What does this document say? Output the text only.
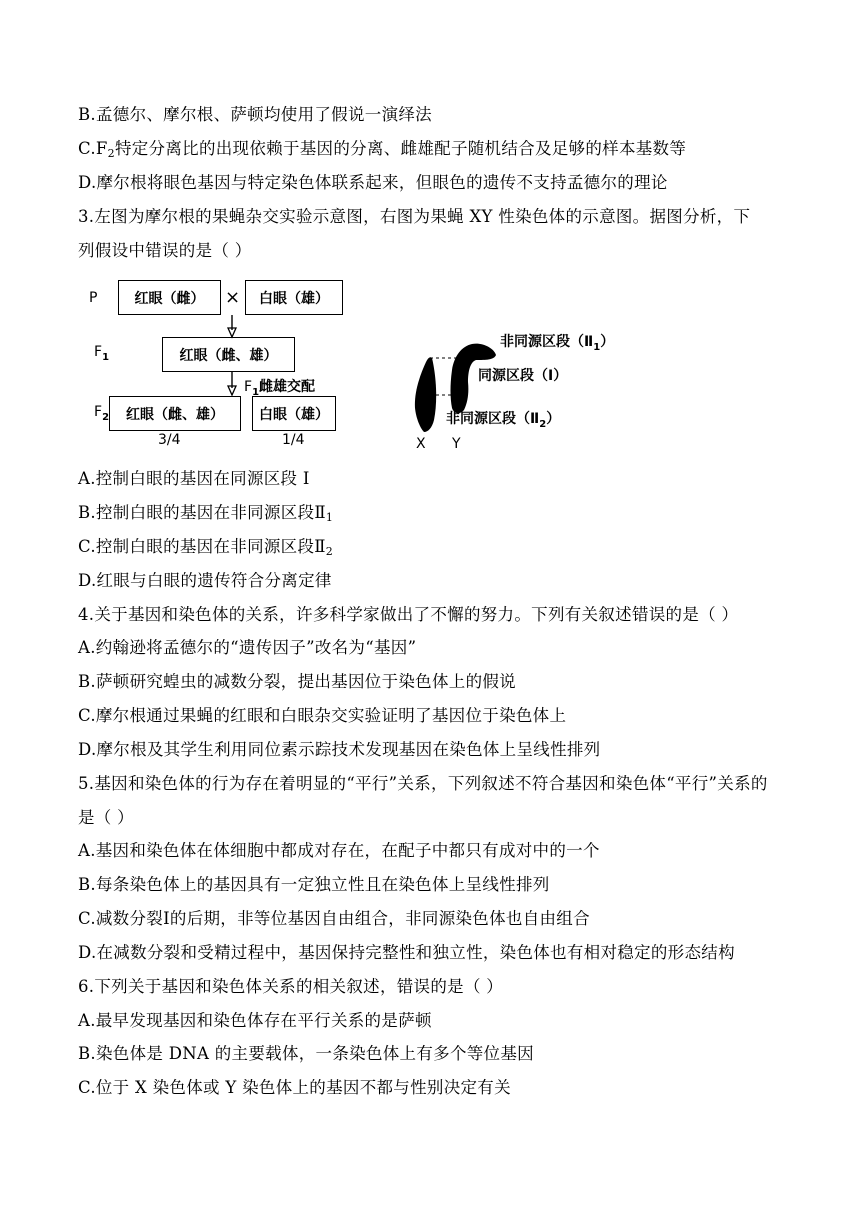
B.孟德尔、摩尔根、萨顿均使用了假说一演绎法
$C.F_2$特定分离比的出现依赖于基因的分离、雌雄配子随机结合及足够的样本基数等
D.摩尔根将眼色基因与特定染色体联系起来，但眼色的遗传不支持孟德尔的理论
3.左图为摩尔根的果蝇杂交实验示意图，右图为果蝇 XY 性染色体的示意图。据图分析，下
列假设中错误的是（ ）
P	红眼（雌）	×	白眼（雄）
$F_1$	红眼（雌、雄）
$F_1$雌雄交配
$F_2$	红眼（雌、雄）	白眼（雄）
3/4	1/4
非同源区段$(Ⅱ_1)$
同源区段（Ⅰ）
非同源区段$(Ⅱ_2)$
X Y
A.控制白眼的基因在同源区段 I
B.控制白眼的基因在非同源区段$Ⅱ_1$
C.控制白眼的基因在非同源区段$Ⅱ_2$
D.红眼与白眼的遗传符合分离定律
4.关于基因和染色体的关系，许多科学家做出了不懈的努力。下列有关叙述错误的是（ ）
A.约翰逊将孟德尔的“遗传因子”改名为“基因”
B.萨顿研究蝗虫的减数分裂，提出基因位于染色体上的假说
C.摩尔根通过果蝇的红眼和白眼杂交实验证明了基因位于染色体上
D.摩尔根及其学生利用同位素示踪技术发现基因在染色体上呈线性排列
5.基因和染色体的行为存在着明显的“平行”关系，下列叙述不符合基因和染色体“平行”关系的
是（ ）
A.基因和染色体在体细胞中都成对存在，在配子中都只有成对中的一个
B.每条染色体上的基因具有一定独立性且在染色体上呈线性排列
C.减数分裂Ⅰ的后期，非等位基因自由组合，非同源染色体也自由组合
D.在减数分裂和受精过程中，基因保持完整性和独立性，染色体也有相对稳定的形态结构
6.下列关于基因和染色体关系的相关叙述，错误的是（ ）
A.最早发现基因和染色体存在平行关系的是萨顿
B.染色体是 DNA 的主要载体，一条染色体上有多个等位基因
C.位于 X 染色体或 Y 染色体上的基因不都与性别决定有关
